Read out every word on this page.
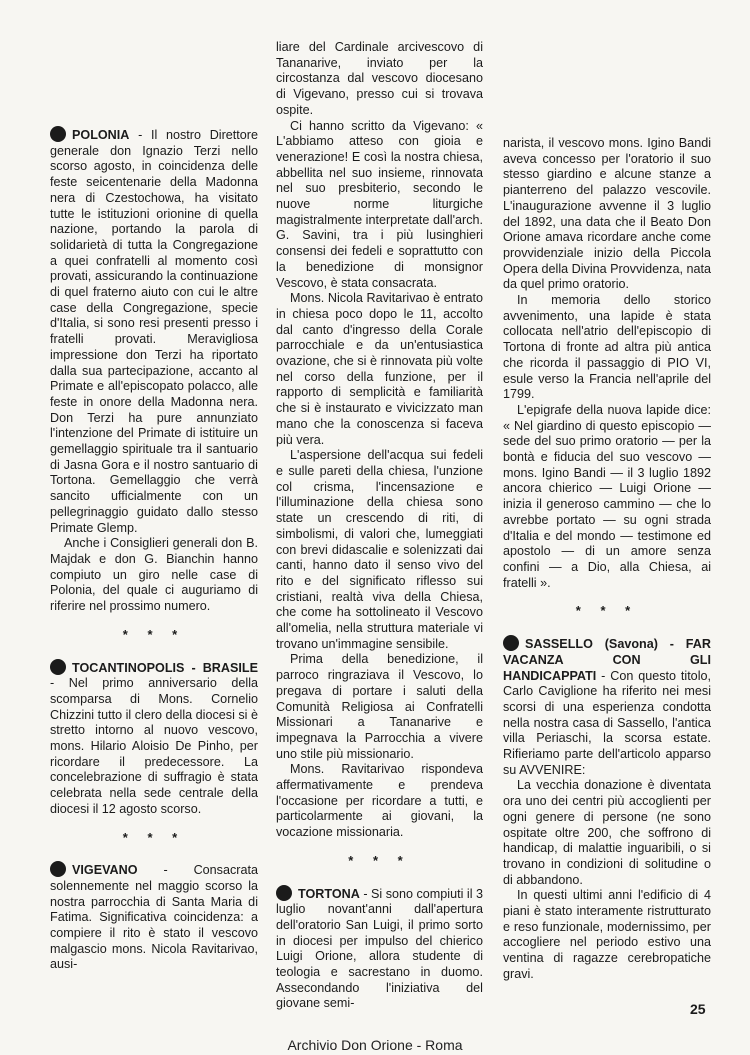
POLONIA - Il nostro Direttore generale don Ignazio Terzi nello scorso agosto, in coincidenza delle feste seicentenarie della Madonna nera di Czestochowa, ha visitato tutte le istituzioni orionine di quella nazione, portando la parola di solidarietà di tutta la Congregazione a quei confratelli al momento così provati, assicurando la continuazione di quel fraterno aiuto con cui le altre case della Congregazione, specie d'Italia, si sono resi presenti presso i fratelli provati. Meravigliosa impressione don Terzi ha riportato dalla sua partecipazione, accanto al Primate e all'episcopato polacco, alle feste in onore della Madonna nera. Don Terzi ha pure annunziato l'intenzione del Primate di istituire un gemellaggio spirituale tra il santuario di Jasna Gora e il nostro santuario di Tortona. Gemellaggio che verrà sancito ufficialmente con un pellegrinaggio guidato dallo stesso Primate Glemp.

Anche i Consiglieri generali don B. Majdak e don G. Bianchin hanno compiuto un giro nelle case di Polonia, del quale ci auguriamo di riferire nel prossimo numero.

* * *

TOCANTINOPOLIS - BRASILE - Nel primo anniversario della scomparsa di Mons. Cornelio Chizzini tutto il clero della diocesi si è stretto intorno al nuovo vescovo, mons. Hilario Aloisio De Pinho, per ricordare il predecessore. La concelebrazione di suffragio è stata celebrata nella sede centrale della diocesi il 12 agosto scorso.

* * *

VIGEVANO - Consacrata solennemente nel maggio scorso la nostra parrocchia di Santa Maria di Fatima. Significativa coincidenza: a compiere il rito è stato il vescovo malgascio mons. Nicola Ravitarivao, ausi-

liare del Cardinale arcivescovo di Tananarive, inviato per la circostanza dal vescovo diocesano di Vigevano, presso cui si trovava ospite.

Ci hanno scritto da Vigevano: « L'abbiamo atteso con gioia e venerazione! E così la nostra chiesa, abbellita nel suo insieme, rinnovata nel suo presbiterio, secondo le nuove norme liturgiche magistralmente interpretate dall'arch. G. Savini, tra i più lusinghieri consensi dei fedeli e soprattutto con la benedizione di monsignor Vescovo, è stata consacrata.

Mons. Nicola Ravitarivao è entrato in chiesa poco dopo le 11, accolto dal canto d'ingresso della Corale parrocchiale e da un'entusiastica ovazione, che si è rinnovata più volte nel corso della funzione, per il rapporto di semplicità e familiarità che si è instaurato e vivicizzato man mano che la conoscenza si faceva più vera.

L'aspersione dell'acqua sui fedeli e sulle pareti della chiesa, l'unzione col crisma, l'incensazione e l'illuminazione della chiesa sono state un crescendo di riti, di simbolismi, di valori che, lumeggiati con brevi didascalie e solenizzati dai canti, hanno dato il senso vivo del rito e del significato riflesso sui cristiani, realtà viva della Chiesa, che come ha sottolineato il Vescovo all'omelia, nella struttura materiale vi trovano un'immagine sensibile.

Prima della benedizione, il parroco ringraziava il Vescovo, lo pregava di portare i saluti della Comunità Religiosa ai Confratelli Missionari a Tananarive e impegnava la Parrocchia a vivere uno stile più missionario.

Mons. Ravitarivao rispondeva affermativamente e prendeva l'occasione per ricordare a tutti, e particolarmente ai giovani, la vocazione missionaria.

* * *

TORTONA - Si sono compiuti il 3 luglio novant'anni dall'apertura dell'oratorio San Luigi, il primo sorto in diocesi per impulso del chierico Luigi Orione, allora studente di teologia e sacrestano in duomo. Assecondando l'iniziativa del giovane semi-

narista, il vescovo mons. Igino Bandi aveva concesso per l'oratorio il suo stesso giardino e alcune stanze a pianterreno del palazzo vescovile. L'inaugurazione avvenne il 3 luglio del 1892, una data che il Beato Don Orione amava ricordare anche come provvidenziale inizio della Piccola Opera della Divina Provvidenza, nata da quel primo oratorio.

In memoria dello storico avvenimento, una lapide è stata collocata nell'atrio dell'episcopio di Tortona di fronte ad altra più antica che ricorda il passaggio di PIO VI, esule verso la Francia nell'aprile del 1799.

L'epigrafe della nuova lapide dice: « Nel giardino di questo episcopio — sede del suo primo oratorio — per la bontà e fiducia del suo vescovo — mons. Igino Bandi — il 3 luglio 1892 ancora chierico — Luigi Orione — inizia il generoso cammino — che lo avrebbe portato — su ogni strada d'Italia e del mondo — testimone ed apostolo — di un amore senza confini — a Dio, alla Chiesa, ai fratelli ».

* * *

SASSELLO (Savona) - FAR VACANZA CON GLI HANDICAPPATI - Con questo titolo, Carlo Caviglione ha riferito nei mesi scorsi di una esperienza condotta nella nostra casa di Sassello, l'antica villa Periaschi, la scorsa estate. Rifieriamo parte dell'articolo apparso su AVVENIRE:

La vecchia donazione è diventata ora uno dei centri più accoglienti per ogni genere di persone (ne sono ospitate oltre 200, che soffrono di handicap, di malattie inguaribili, o si trovano in condizioni di solitudine o di abbandono.

In questi ultimi anni l'edificio di 4 piani è stato interamente ristrutturato e reso funzionale, modernissimo, per accogliere nel periodo estivo una ventina di ragazze cerebropatiche gravi.

25
Archivio Don Orione - Roma
